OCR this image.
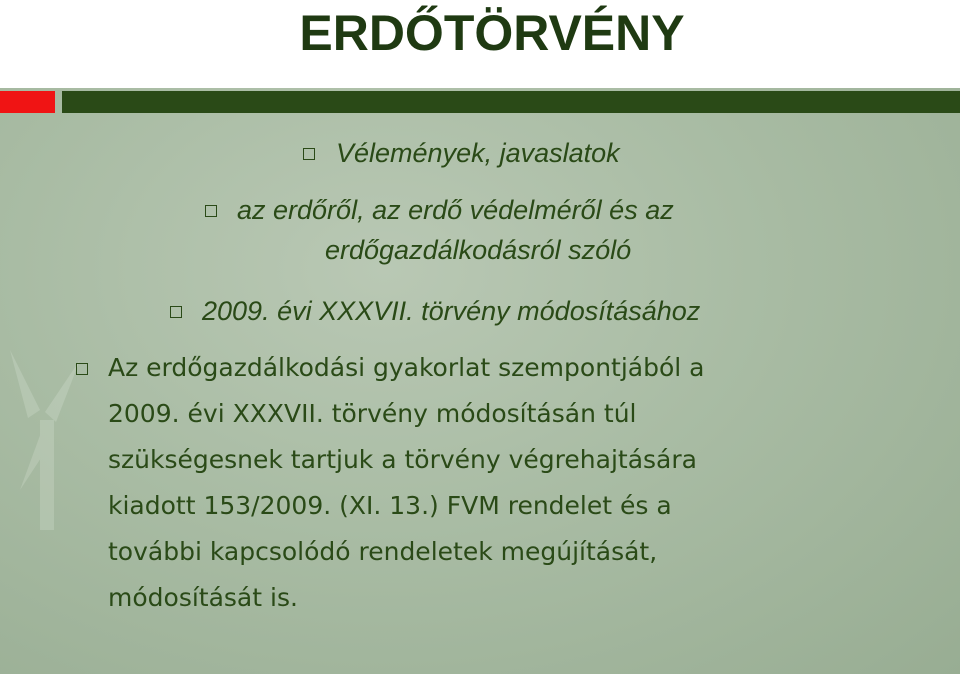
ERDŐTÖRVÉNY
Vélemények, javaslatok
az erdőről, az erdő védelméről és az
erdőgazdálkodásról szóló
2009. évi XXXVII. törvény módosításához
Az erdőgazdálkodási gyakorlat szempontjából a
2009. évi XXXVII. törvény módosításán túl
szükségesnek tartjuk a törvény végrehajtására
kiadott 153/2009. (XI. 13.) FVM rendelet és a
további kapcsolódó rendeletek megújítását,
módosítását is.
